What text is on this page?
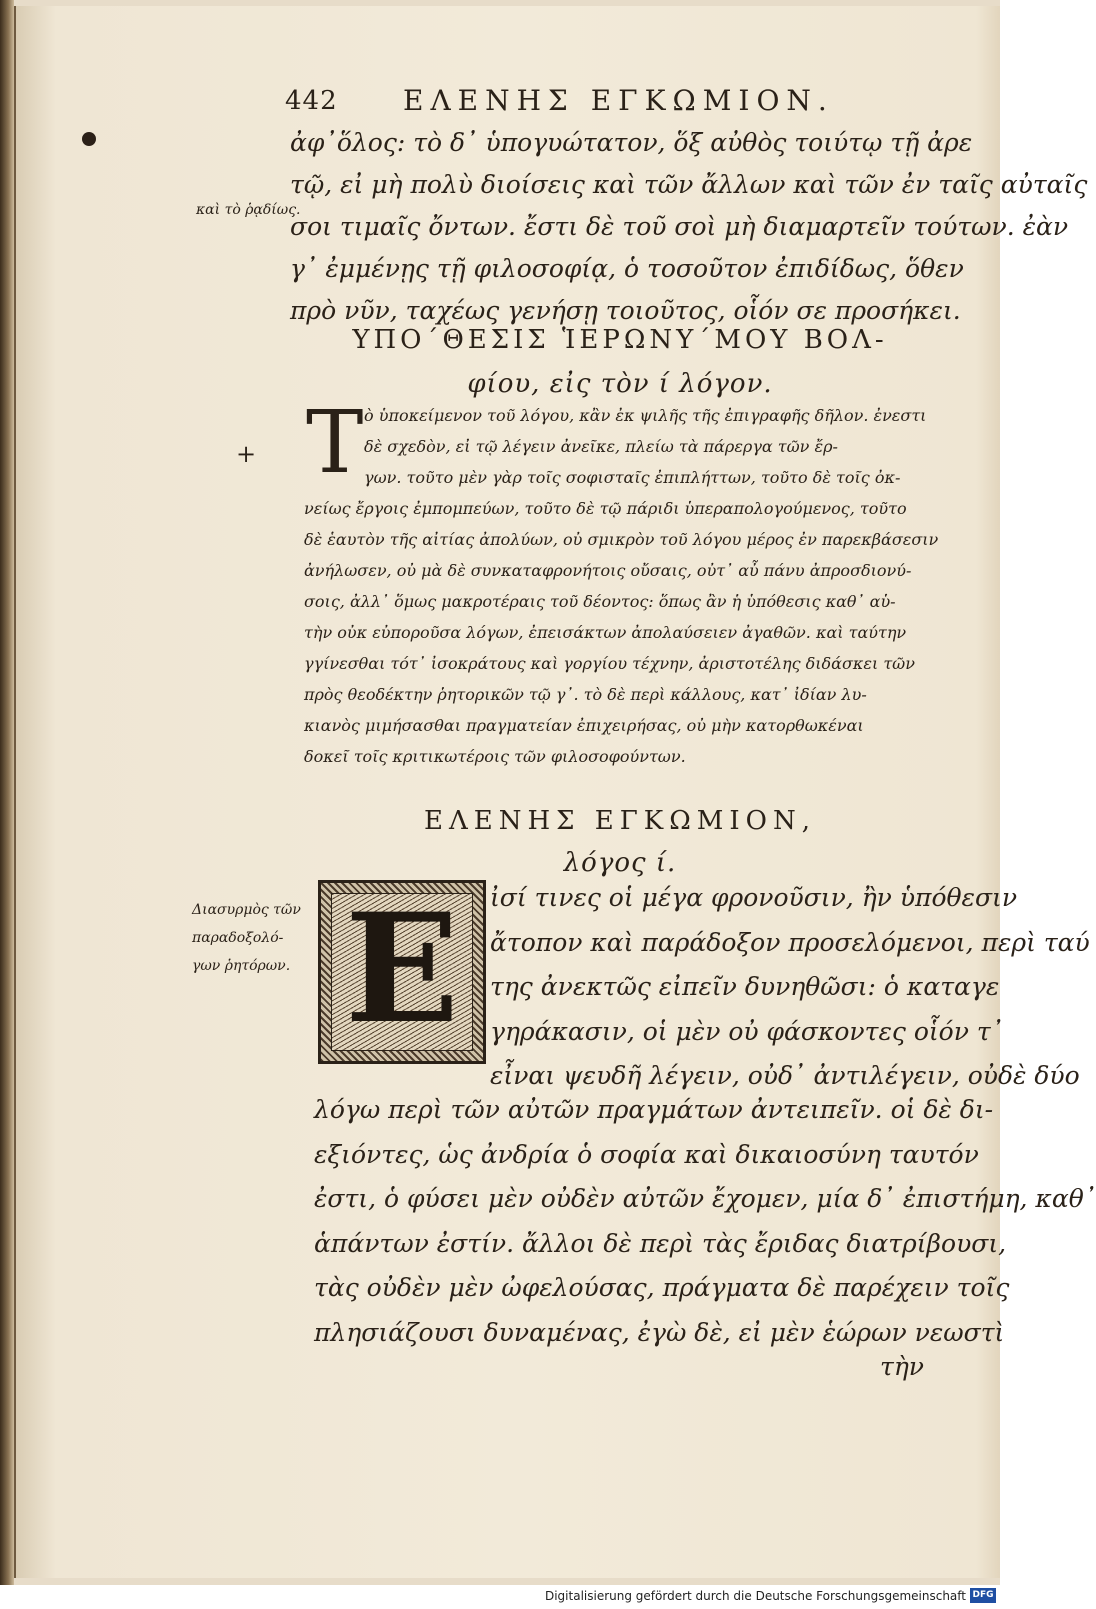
442 ΕΛΕΝΗΣ ΕΓΚΩΜΙΟΝ.
+
ἀφ᾽ὅλος: τὸ δ᾽ ὑπογυώτατον, ὅξ αὐθὸς τοιύτῳ τῇ ἀρε
τῷ, εἰ μὴ πολὺ διοίσεις καὶ τῶν ἄλλων καὶ τῶν ἐν ταῖς αὐταῖς
σοι τιμαῖς ὄντων. ἔστι δὲ τοῦ σοὶ μὴ διαμαρτεῖν τούτων. ἐὰν
γ᾽ ἐμμένῃς τῇ φιλοσοφίᾳ, ὁ τοσοῦτον ἐπιδίδως, ὅθεν
πρὸ νῦν, ταχέως γενήσῃ τοιοῦτος, οἷόν σε προσήκει.
καὶ τὸ ῥᾳδίως.
ΥΠΟ΄ΘΕΣΙΣ ἹΕΡΩΝΥ΄ΜΟΥ ΒΟΛ-
φίου, εἰς τὸν ί λόγον.
Τ ὸ ὑποκείμενον τοῦ λόγου, κἂν ἐκ ψιλῆς τῆς ἐπιγραφῆς δῆλον. ἐνεστι
δὲ σχεδὸν, εἰ τῷ λέγειν ἀνεῖκε, πλείω τὰ πάρεργα τῶν ἔρ-
γων. τοῦτο μὲν γὰρ τοῖς σοφισταῖς ἐπιπλήττων, τοῦτο δὲ τοῖς ὀκ-
νείως ἔργοις ἐμπομπεύων, τοῦτο δὲ τῷ πάριδι ὑπεραπολογούμενος, τοῦτο
δὲ ἑαυτὸν τῆς αἰτίας ἀπολύων, οὐ σμικρὸν τοῦ λόγου μέρος ἐν παρεκβάσεσιν
ἀνήλωσεν, οὐ μὰ δὲ συνκαταφρονήτοις οὔσαις, οὐτ᾽ αὖ πάνυ ἀπροσδιονύ-
σοις, ἀλλ᾽ ὅμως μακροτέραις τοῦ δέοντος: ὅπως ἂν ἡ ὑπόθεσις καθ᾽ αὑ-
τὴν οὐκ εὐποροῦσα λόγων, ἐπεισάκτων ἀπολαύσειεν ἀγαθῶν. καὶ ταύτην
γγίνεσθαι τότ᾽ ἰσοκράτους καὶ γοργίου τέχνην, ἀριστοτέλης διδάσκει τῶν
πρὸς θεοδέκτην ῥητορικῶν τῷ γ᾽. τὸ δὲ περὶ κάλλους, κατ᾽ ἰδίαν λυ-
κιανὸς μιμήσασθαι πραγματείαν ἐπιχειρήσας, οὐ μὴν κατορθωκέναι
δοκεῖ τοῖς κριτικωτέροις τῶν φιλοσοφούντων.
ΕΛΕΝΗΣ ΕΓΚΩΜΙΟΝ,
λόγος ί.
Διασυρμὸς τῶν
παραδοξολό-
γων ῥητόρων. E	ἰσί τινες οἱ μέγα φρονοῦσιν, ἢν ὑπόθεσιν
ἄτοπον καὶ παράδοξον προσελόμενοι, περὶ ταύ
της ἀνεκτῶς εἰπεῖν δυνηθῶσι: ὁ καταγε
γηράκασιν, οἱ μὲν οὐ φάσκοντες οἷόν τ᾽
εἶναι ψευδῆ λέγειν, οὐδ᾽ ἀντιλέγειν, οὐδὲ δύο
λόγω περὶ τῶν αὐτῶν πραγμάτων ἀντειπεῖν. οἱ δὲ δι-
εξιόντες, ὡς ἀνδρία ὁ σοφία καὶ δικαιοσύνη ταυτόν
ἐστι, ὁ φύσει μὲν οὐδὲν αὐτῶν ἔχομεν, μία δ᾽ ἐπιστήμη, καθ᾽
ἁπάντων ἐστίν. ἄλλοι δὲ περὶ τὰς ἔριδας διατρίβουσι,
τὰς οὐδὲν μὲν ὠφελούσας, πράγματα δὲ παρέχειν τοῖς
πλησιάζουσι δυναμένας, ἐγὼ δὲ, εἰ μὲν ἑώρων νεωστὶ
τὴν
Digitalisierung gefördert durch die Deutsche Forschungsgemeinschaft DFG
